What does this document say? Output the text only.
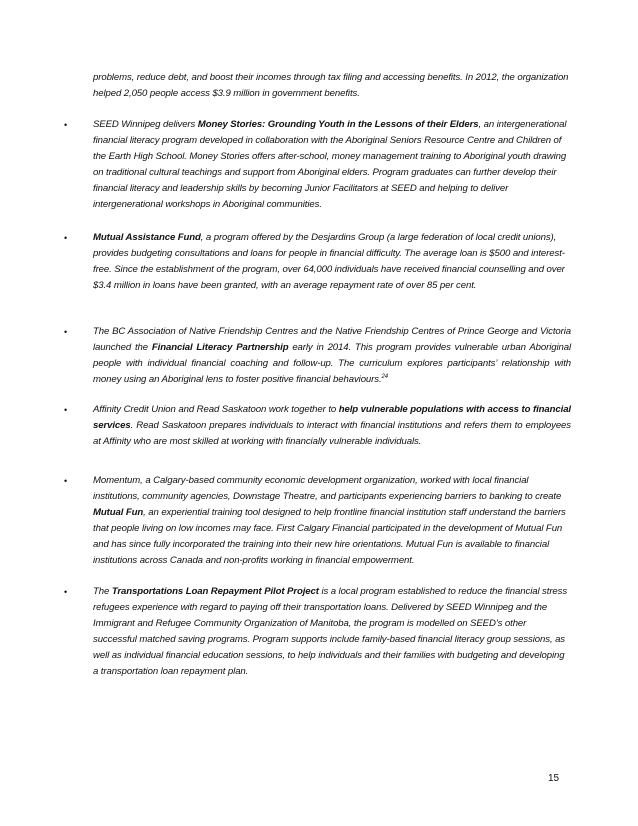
problems, reduce debt, and boost their incomes through tax filing and accessing benefits. In 2012, the organization helped 2,050 people access $3.9 million in government benefits.

•	SEED Winnipeg delivers Money Stories: Grounding Youth in the Lessons of their Elders, an intergenerational financial literacy program developed in collaboration with the Aboriginal Seniors Resource Centre and Children of the Earth High School. Money Stories offers after-school, money management training to Aboriginal youth drawing on traditional cultural teachings and support from Aboriginal elders. Program graduates can further develop their financial literacy and leadership skills by becoming Junior Facilitators at SEED and helping to deliver intergenerational workshops in Aboriginal communities.

•	Mutual Assistance Fund, a program offered by the Desjardins Group (a large federation of local credit unions), provides budgeting consultations and loans for people in financial difficulty. The average loan is $500 and interest-free. Since the establishment of the program, over 64,000 individuals have received financial counselling and over $3.4 million in loans have been granted, with an average repayment rate of over 85 per cent.

•	The BC Association of Native Friendship Centres and the Native Friendship Centres of Prince George and Victoria launched the Financial Literacy Partnership early in 2014. This program provides vulnerable urban Aboriginal people with individual financial coaching and follow-up. The curriculum explores participants’ relationship with money using an Aboriginal lens to foster positive financial behaviours.$^{24}$

•	Affinity Credit Union and Read Saskatoon work together to help vulnerable populations with access to financial services. Read Saskatoon prepares individuals to interact with financial institutions and refers them to employees at Affinity who are most skilled at working with financially vulnerable individuals.

•	Momentum, a Calgary-based community economic development organization, worked with local financial institutions, community agencies, Downstage Theatre, and participants experiencing barriers to banking to create Mutual Fun, an experiential training tool designed to help frontline financial institution staff understand the barriers that people living on low incomes may face. First Calgary Financial participated in the development of Mutual Fun and has since fully incorporated the training into their new hire orientations. Mutual Fun is available to financial institutions across Canada and non-profits working in financial empowerment.

•	The Transportations Loan Repayment Pilot Project is a local program established to reduce the financial stress refugees experience with regard to paying off their transportation loans. Delivered by SEED Winnipeg and the Immigrant and Refugee Community Organization of Manitoba, the program is modelled on SEED’s other successful matched saving programs. Program supports include family-based financial literacy group sessions, as well as individual financial education sessions, to help individuals and their families with budgeting and developing a transportation loan repayment plan.

15
